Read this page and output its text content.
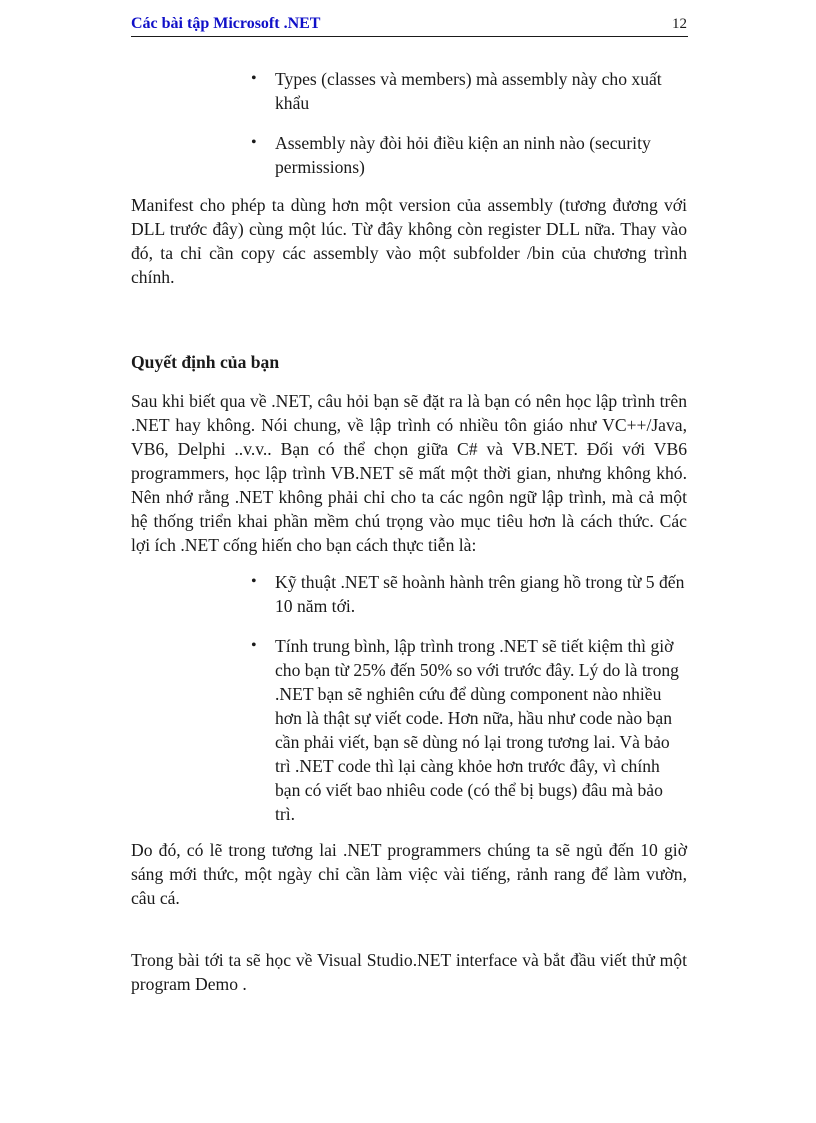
Các bài tập Microsoft .NET	12
• Types (classes và members) mà assembly này cho xuất khẩu
• Assembly này đòi hỏi điều kiện an ninh nào (security permissions)

Manifest cho phép ta dùng hơn một version của assembly (tương đương với DLL trước đây) cùng một lúc. Từ đây không còn register DLL nữa. Thay vào đó, ta chỉ cần copy các assembly vào một subfolder /bin của chương trình chính.

Quyết định của bạn

Sau khi biết qua về .NET, câu hỏi bạn sẽ đặt ra là bạn có nên học lập trình trên .NET hay không. Nói chung, về lập trình có nhiều tôn giáo như VC++/Java, VB6, Delphi ..v.v.. Bạn có thể chọn giữa C# và VB.NET. Đối với VB6 programmers, học lập trình VB.NET sẽ mất một thời gian, nhưng không khó. Nên nhớ rằng .NET không phải chỉ cho ta các ngôn ngữ lập trình, mà cả một hệ thống triển khai phần mềm chú trọng vào mục tiêu hơn là cách thức. Các lợi ích .NET cống hiến cho bạn cách thực tiễn là:

• Kỹ thuật .NET sẽ hoành hành trên giang hồ trong từ 5 đến 10 năm tới.
• Tính trung bình, lập trình trong .NET sẽ tiết kiệm thì giờ cho bạn từ 25% đến 50% so với trước đây. Lý do là trong .NET bạn sẽ nghiên cứu để dùng component nào nhiều hơn là thật sự viết code. Hơn nữa, hầu như code nào bạn cần phải viết, bạn sẽ dùng nó lại trong tương lai. Và bảo trì .NET code thì lại càng khỏe hơn trước đây, vì chính bạn có viết bao nhiêu code (có thể bị bugs) đâu mà bảo trì.

Do đó, có lẽ trong tương lai .NET programmers chúng ta sẽ ngủ đến 10 giờ sáng mới thức, một ngày chỉ cần làm việc vài tiếng, rảnh rang để làm vườn, câu cá.

Trong bài tới ta sẽ học về Visual Studio.NET interface và bắt đầu viết thử một program Demo .
